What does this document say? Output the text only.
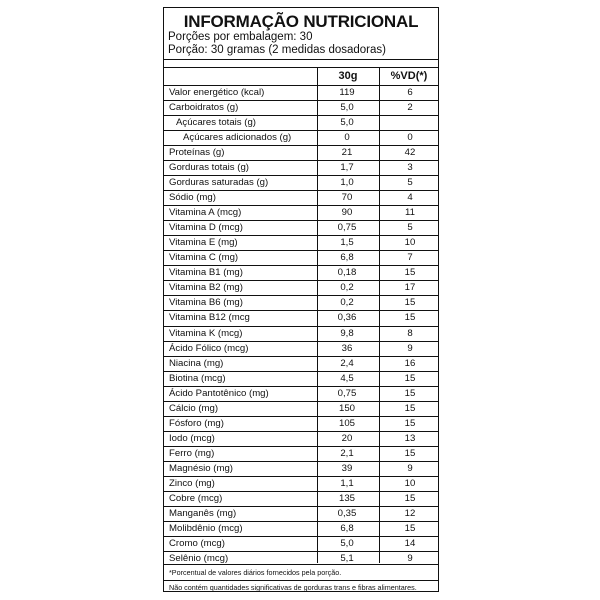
INFORMAÇÃO NUTRICIONAL
Porções por embalagem: 30
Porção: 30 gramas (2 medidas dosadoras)
30g	%VD(*)
Valor energético (kcal)	119	6
Carboidratos (g)	5,0	2
Açúcares totais (g)	5,0
Açúcares adicionados (g)	0	0
Proteínas (g)	21	42
Gorduras totais (g)	1,7	3
Gorduras saturadas (g)	1,0	5
Sódio (mg)	70	4
Vitamina A (mcg)	90	11
Vitamina D (mcg)	0,75	5
Vitamina E (mg)	1,5	10
Vitamina C (mg)	6,8	7
Vitamina B1 (mg)	0,18	15
Vitamina B2 (mg)	0,2	17
Vitamina B6 (mg)	0,2	15
Vitamina B12 (mcg	0,36	15
Vitamina K (mcg)	9,8	8
Ácido Fólico (mcg)	36	9
Niacina (mg)	2,4	16
Biotina (mcg)	4,5	15
Ácido Pantotênico (mg)	0,75	15
Cálcio (mg)	150	15
Fósforo (mg)	105	15
Iodo (mcg)	20	13
Ferro (mg)	2,1	15
Magnésio (mg)	39	9
Zinco (mg)	1,1	10
Cobre (mcg)	135	15
Manganês (mg)	0,35	12
Molibdênio (mcg)	6,8	15
Cromo (mcg)	5,0	14
Selênio (mcg)	5,1	9
*Porcentual de valores diários fornecidos pela porção.
Não contém quantidades significativas de gorduras trans e fibras alimentares.
